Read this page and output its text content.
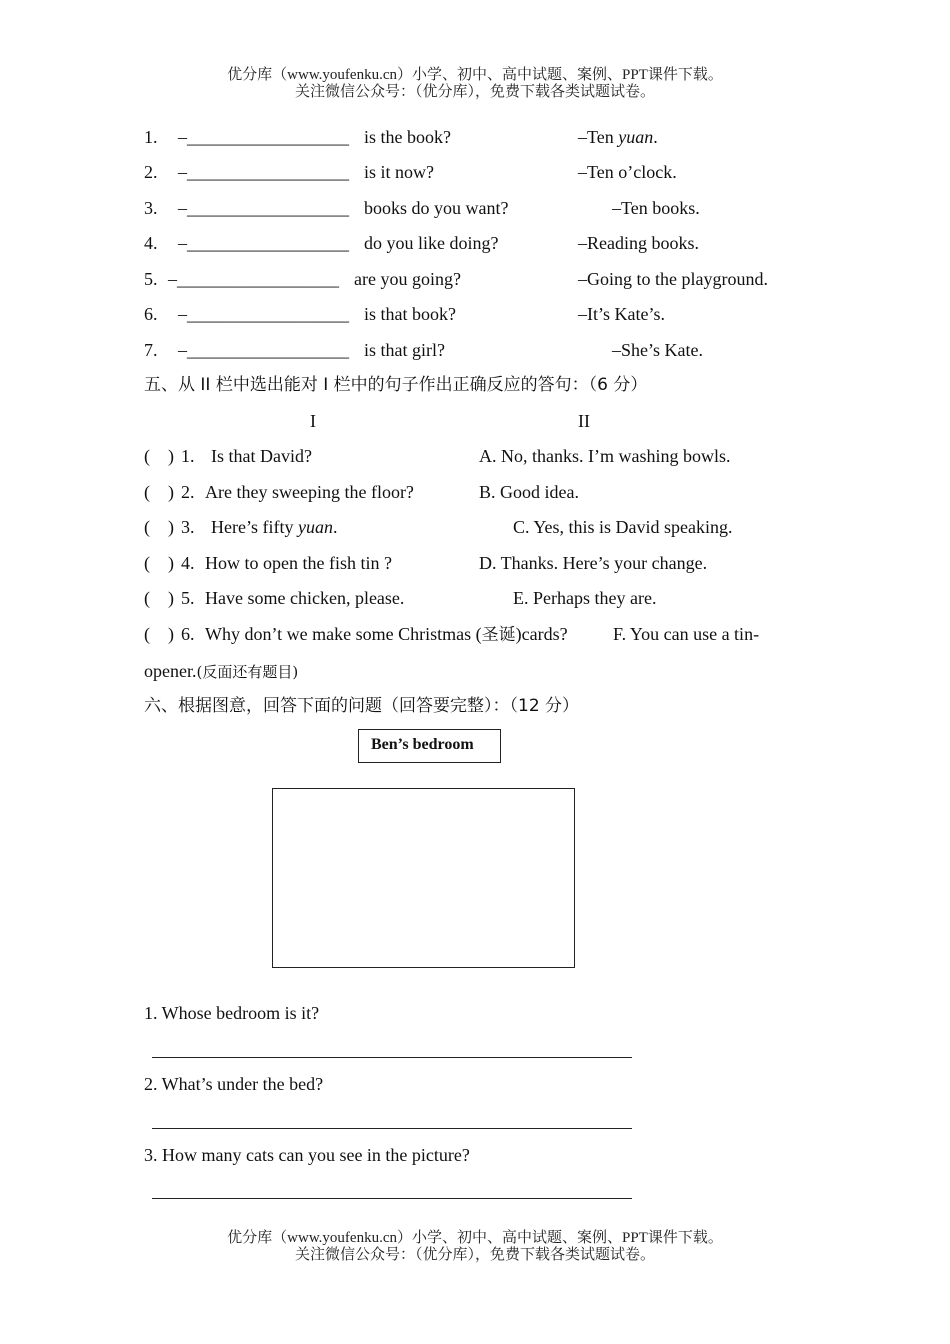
优分库（www.youfenku.cn）小学、初中、高中试题、案例、PPT课件下载。
关注微信公众号：（优分库），免费下载各类试题试卷。
1. –__________________ is the book?	–Ten yuan.
2. –__________________ is it now?	–Ten o’clock.
3. –__________________ books do you want?	–Ten books.
4. –__________________ do you like doing?	–Reading books.
5. –__________________ are you going?	–Going to the playground.
6. –__________________ is that book?	–It’s Kate’s.
7. –__________________ is that girl?	–She’s Kate.
五、从 II 栏中选出能对 I 栏中的句子作出正确反应的答句：（6 分）
I	II
(    ) 1. Is that David?	A. No, thanks. I’m washing bowls.
(    ) 2. Are they sweeping the floor?	B. Good idea.
(    ) 3. Here’s fifty yuan.	C. Yes, this is David speaking.
(    ) 4. How to open the fish tin ?	D. Thanks. Here’s your change.
(    ) 5. Have some chicken, please.	E. Perhaps they are.
(    ) 6. Why don’t we make some Christmas (圣诞)cards?	F. You can use a tin-
opener.(反面还有题目)
六、根据图意，回答下面的问题（回答要完整）：（12 分）
Ben’s bedroom
1. Whose bedroom is it?
2. What’s under the bed?
3. How many cats can you see in the picture?
优分库（www.youfenku.cn）小学、初中、高中试题、案例、PPT课件下载。
关注微信公众号：（优分库），免费下载各类试题试卷。
